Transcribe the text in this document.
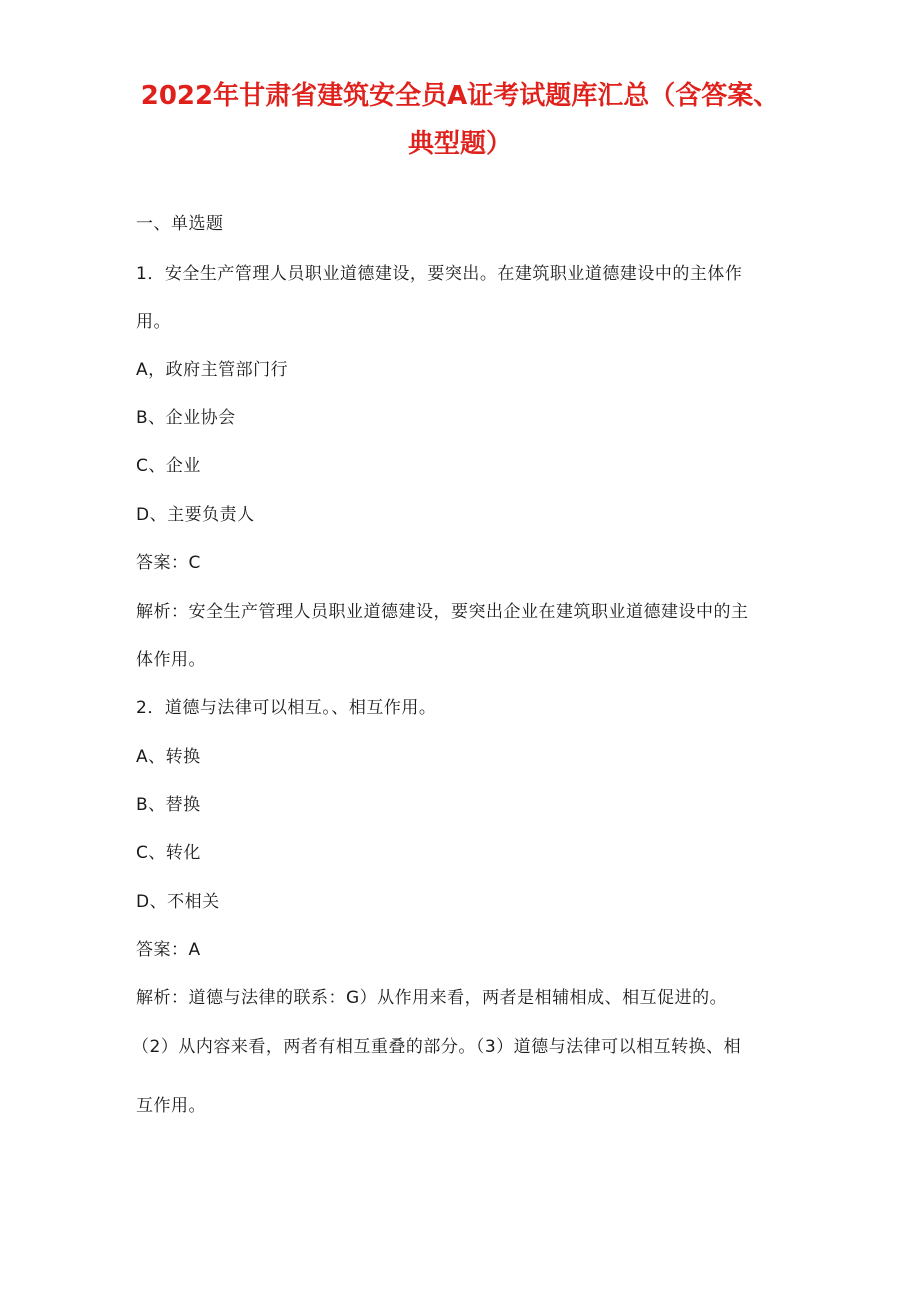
2022年甘肃省建筑安全员A证考试题库汇总（含答案、
典型题）
一、单选题
1．安全生产管理人员职业道德建设，要突出。在建筑职业道德建设中的主体作
用。
A，政府主管部门行
B、企业协会
C、企业
D、主要负责人
答案：C
解析：安全生产管理人员职业道德建设，要突出企业在建筑职业道德建设中的主
体作用。
2．道德与法律可以相互。、相互作用。
A、转换
B、替换
C、转化
D、不相关
答案：A
解析：道德与法律的联系：G）从作用来看，两者是相辅相成、相互促进的。
（2）从内容来看，两者有相互重叠的部分。（3）道德与法律可以相互转换、相
互作用。
